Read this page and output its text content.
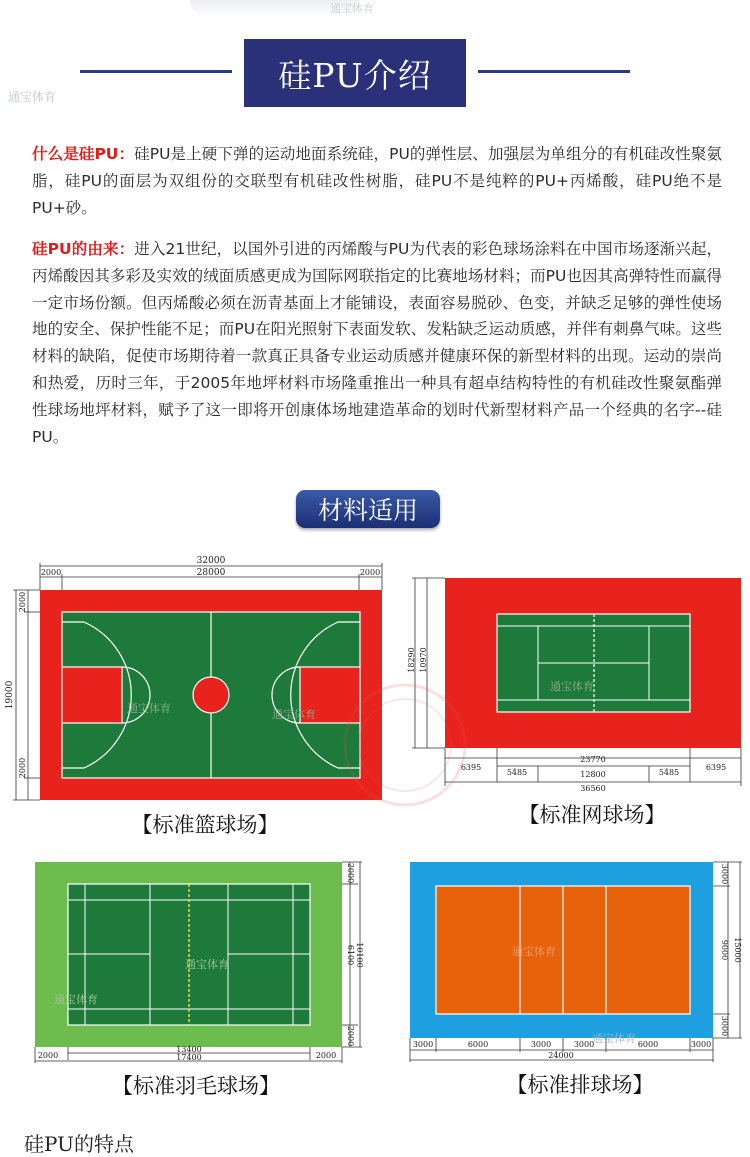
通宝体育
硅PU介绍
通宝体育
什么是硅PU：硅PU是上硬下弹的运动地面系统硅，PU的弹性层、加强层为单组分的有机硅改性聚氨脂，硅PU的面层为双组份的交联型有机硅改性树脂，硅PU不是纯粹的PU+丙烯酸，硅PU绝不是PU+砂。
硅PU的由来：进入21世纪，以国外引进的丙烯酸与PU为代表的彩色球场涂料在中国市场逐渐兴起，丙烯酸因其多彩及实效的绒面质感更成为国际网联指定的比赛地场材料；而PU也因其高弹特性而赢得一定市场份额。但丙烯酸必须在沥青基面上才能铺设，表面容易脱砂、色变，并缺乏足够的弹性使场地的安全、保护性能不足；而PU在阳光照射下表面发软、发粘缺乏运动质感，并伴有刺鼻气味。这些材料的缺陷，促使市场期待着一款真正具备专业运动质感并健康环保的新型材料的出现。运动的崇尚和热爱，历时三年，于2005年地坪材料市场隆重推出一种具有超卓结构特性的有机硅改性聚氨酯弹性球场地坪材料，赋予了这一即将开创康体场地建造革命的划时代新型材料产品一个经典的名字--硅PU。
材料适用
32000
28000
2000	2000
19000
2000
2000
通宝体育	通宝体育
【标准篮球场】
18290 10970
通宝体育
23770
6395	6395
5485	12800	5485
36560
【标准网球场】
通宝体育
通宝体育
2000
6100 10100
2000
13400
2000	2000
17400
【标准羽毛球场】
通宝体育
通宝体育
3000
9000 15000
3000
3000	6000	3000	3000	6000	3000
24000
【标准排球场】
硅PU的特点
